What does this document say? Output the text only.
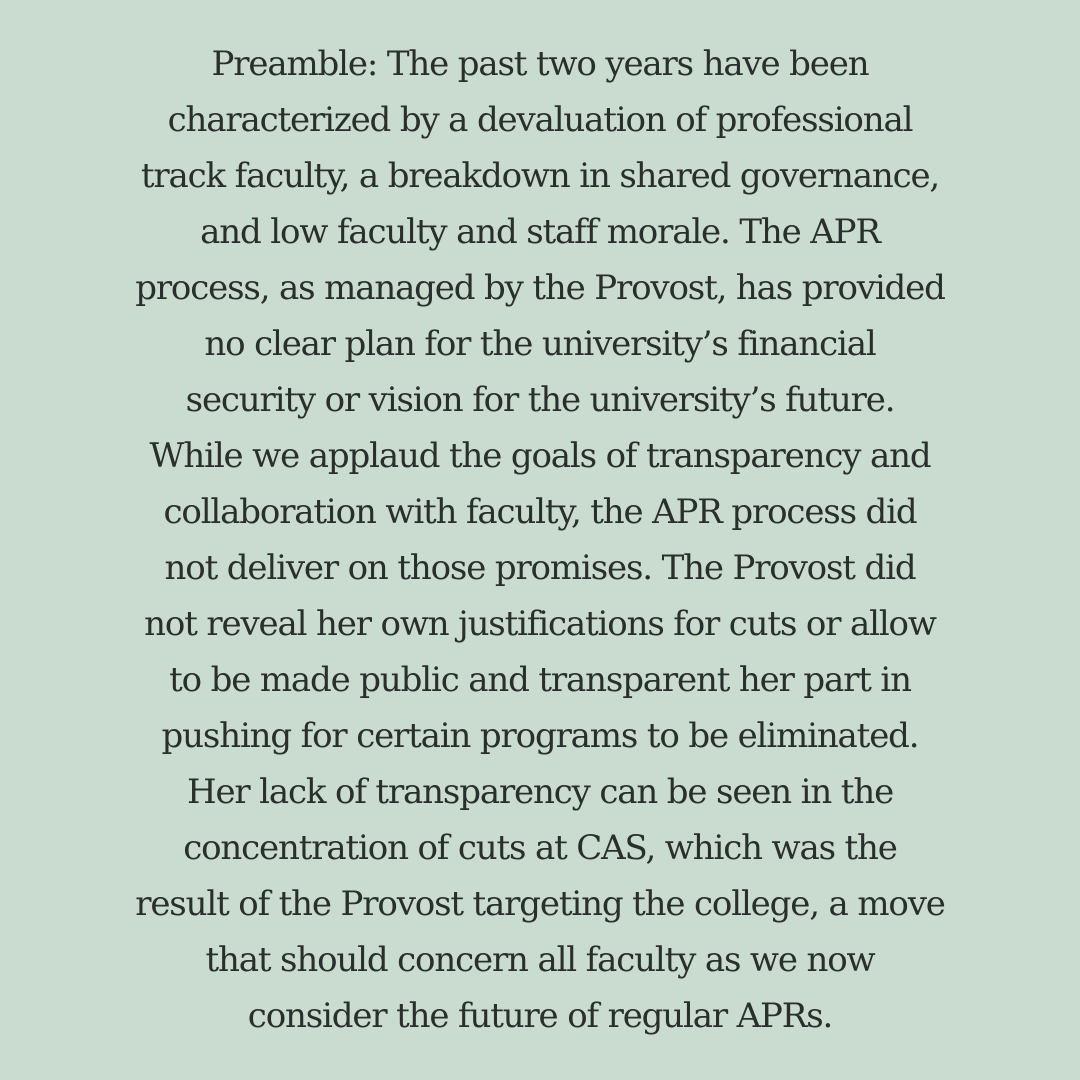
Preamble: The past two years have been
characterized by a devaluation of professional
track faculty, a breakdown in shared governance,
and low faculty and staff morale. The APR
process, as managed by the Provost, has provided
no clear plan for the university’s financial
security or vision for the university’s future.
While we applaud the goals of transparency and
collaboration with faculty, the APR process did
not deliver on those promises. The Provost did
not reveal her own justifications for cuts or allow
to be made public and transparent her part in
pushing for certain programs to be eliminated.
Her lack of transparency can be seen in the
concentration of cuts at CAS, which was the
result of the Provost targeting the college, a move
that should concern all faculty as we now
consider the future of regular APRs.
